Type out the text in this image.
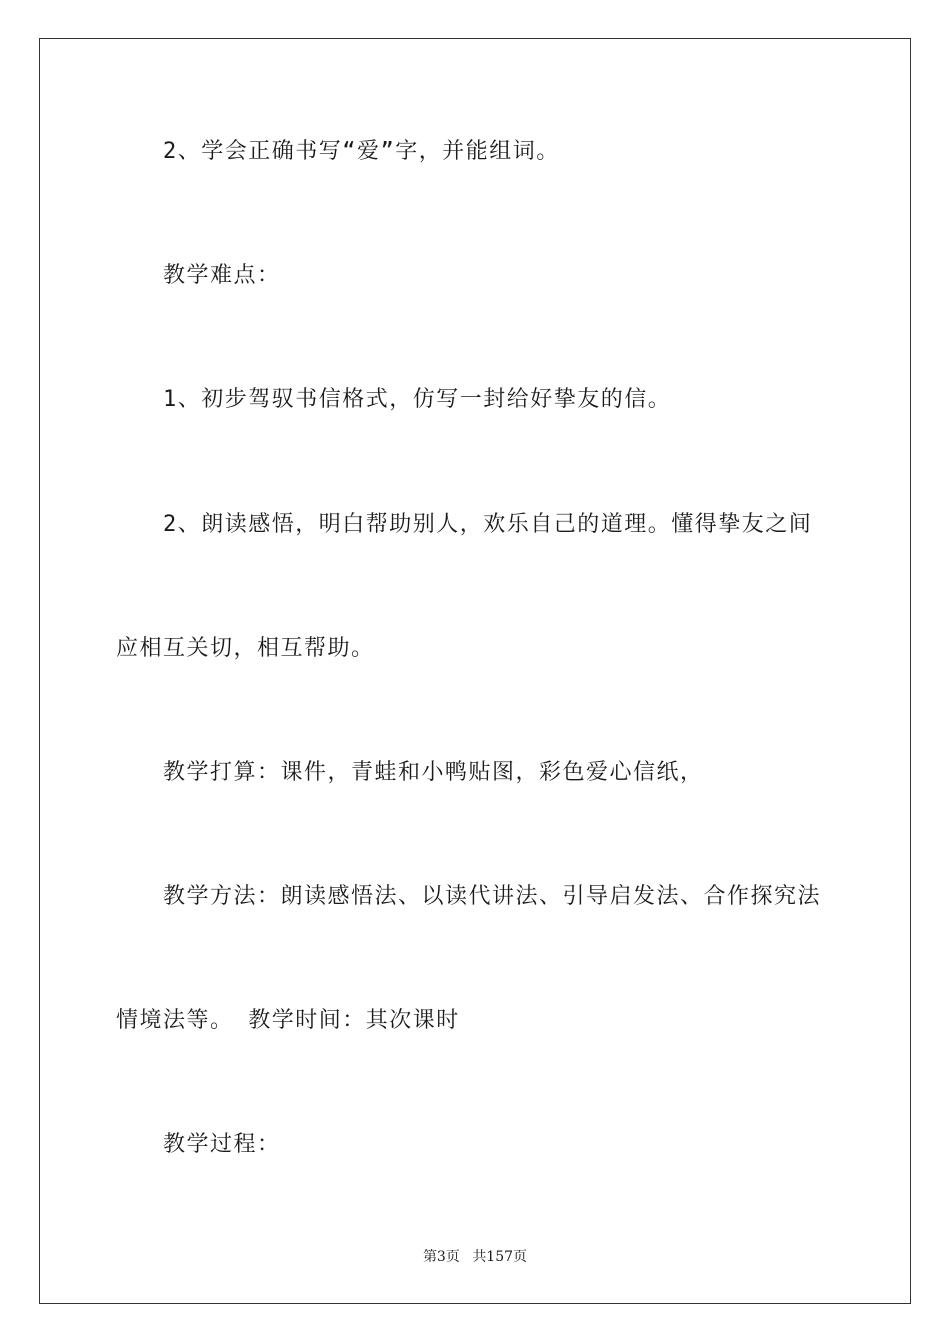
2、学会正确书写“爱”字，并能组词。
教学难点：
1、初步驾驭书信格式，仿写一封给好挚友的信。
2、朗读感悟，明白帮助别人，欢乐自己的道理。懂得挚友之间
应相互关切，相互帮助。
教学打算：课件，青蛙和小鸭贴图，彩色爱心信纸，
教学方法：朗读感悟法、以读代讲法、引导启发法、合作探究法
情境法等。 教学时间：其次课时
教学过程：
第3页 共157页
